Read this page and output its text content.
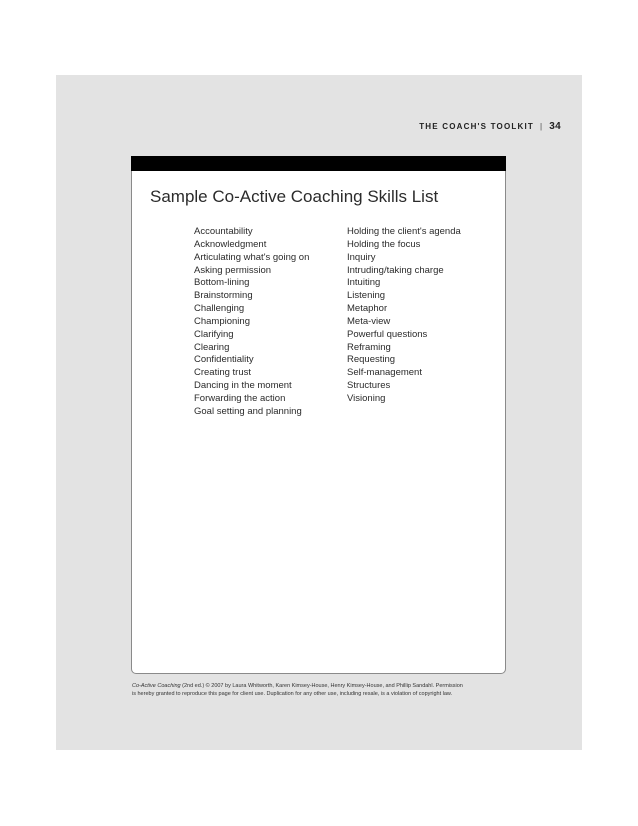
THE COACH'S TOOLKIT | 34
Sample Co-Active Coaching Skills List
Accountability
Acknowledgment
Articulating what's going on
Asking permission
Bottom-lining
Brainstorming
Challenging
Championing
Clarifying
Clearing
Confidentiality
Creating trust
Dancing in the moment
Forwarding the action
Goal setting and planning
Holding the client's agenda
Holding the focus
Inquiry
Intruding/taking charge
Intuiting
Listening
Metaphor
Meta-view
Powerful questions
Reframing
Requesting
Self-management
Structures
Visioning
Co-Active Coaching (2nd ed.) © 2007 by Laura Whitworth, Karen Kimsey-House, Henry Kimsey-House, and Phillip Sandahl. Permission
is hereby granted to reproduce this page for client use. Duplication for any other use, including resale, is a violation of copyright law.
